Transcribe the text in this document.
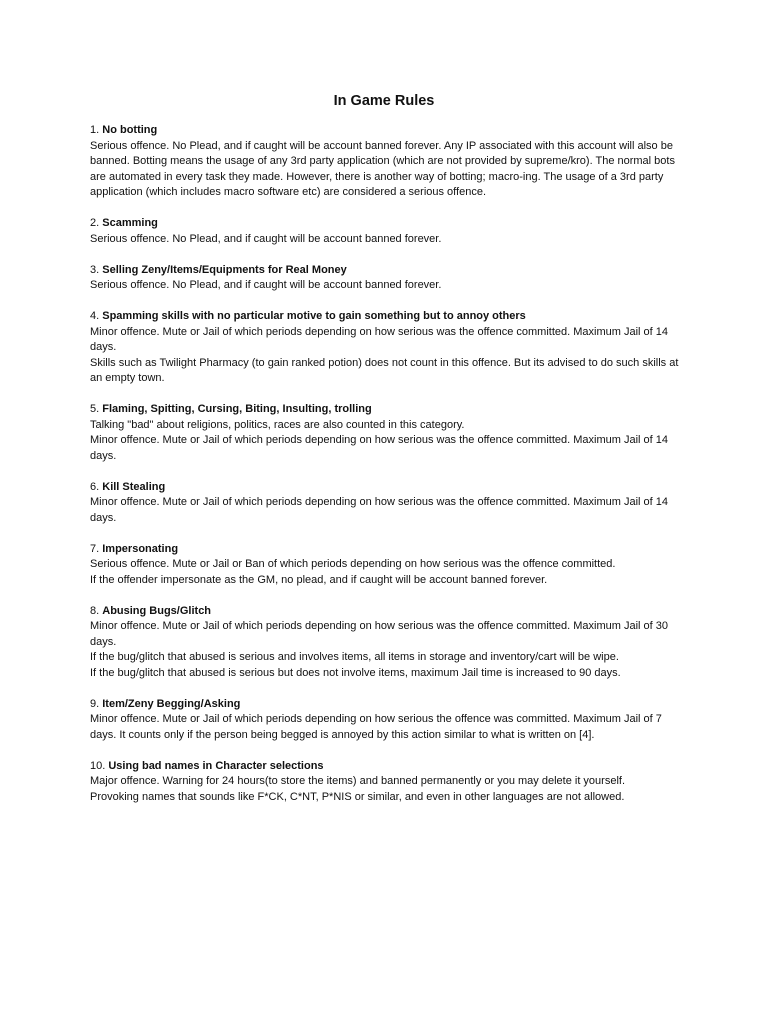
In Game Rules
1. No botting
Serious offence. No Plead, and if caught will be account banned forever. Any IP associated with this account will also be banned. Botting means the usage of any 3rd party application (which are not provided by supreme/kro). The normal bots are automated in every task they made. However, there is another way of botting; macro-ing. The usage of a 3rd party application (which includes macro software etc) are considered a serious offence.
2. Scamming
Serious offence. No Plead, and if caught will be account banned forever.
3. Selling Zeny/Items/Equipments for Real Money
Serious offence. No Plead, and if caught will be account banned forever.
4. Spamming skills with no particular motive to gain something but to annoy others
Minor offence. Mute or Jail of which periods depending on how serious was the offence committed. Maximum Jail of 14 days.
Skills such as Twilight Pharmacy (to gain ranked potion) does not count in this offence. But its advised to do such skills at an empty town.
5. Flaming, Spitting, Cursing, Biting, Insulting, trolling
Talking "bad" about religions, politics, races are also counted in this category.
Minor offence. Mute or Jail of which periods depending on how serious was the offence committed. Maximum Jail of 14 days.
6. Kill Stealing
Minor offence. Mute or Jail of which periods depending on how serious was the offence committed. Maximum Jail of 14 days.
7. Impersonating
Serious offence. Mute or Jail or Ban of which periods depending on how serious was the offence committed.
If the offender impersonate as the GM, no plead, and if caught will be account banned forever.
8. Abusing Bugs/Glitch
Minor offence. Mute or Jail of which periods depending on how serious was the offence committed. Maximum Jail of 30 days.
If the bug/glitch that abused is serious and involves items, all items in storage and inventory/cart will be wipe.
If the bug/glitch that abused is serious but does not involve items, maximum Jail time is increased to 90 days.
9. Item/Zeny Begging/Asking
Minor offence. Mute or Jail of which periods depending on how serious the offence was committed. Maximum Jail of 7 days. It counts only if the person being begged is annoyed by this action similar to what is written on [4].
10. Using bad names in Character selections
Major offence. Warning for 24 hours(to store the items) and banned permanently or you may delete it yourself.
Provoking names that sounds like F*CK, C*NT, P*NIS or similar, and even in other languages are not allowed.
